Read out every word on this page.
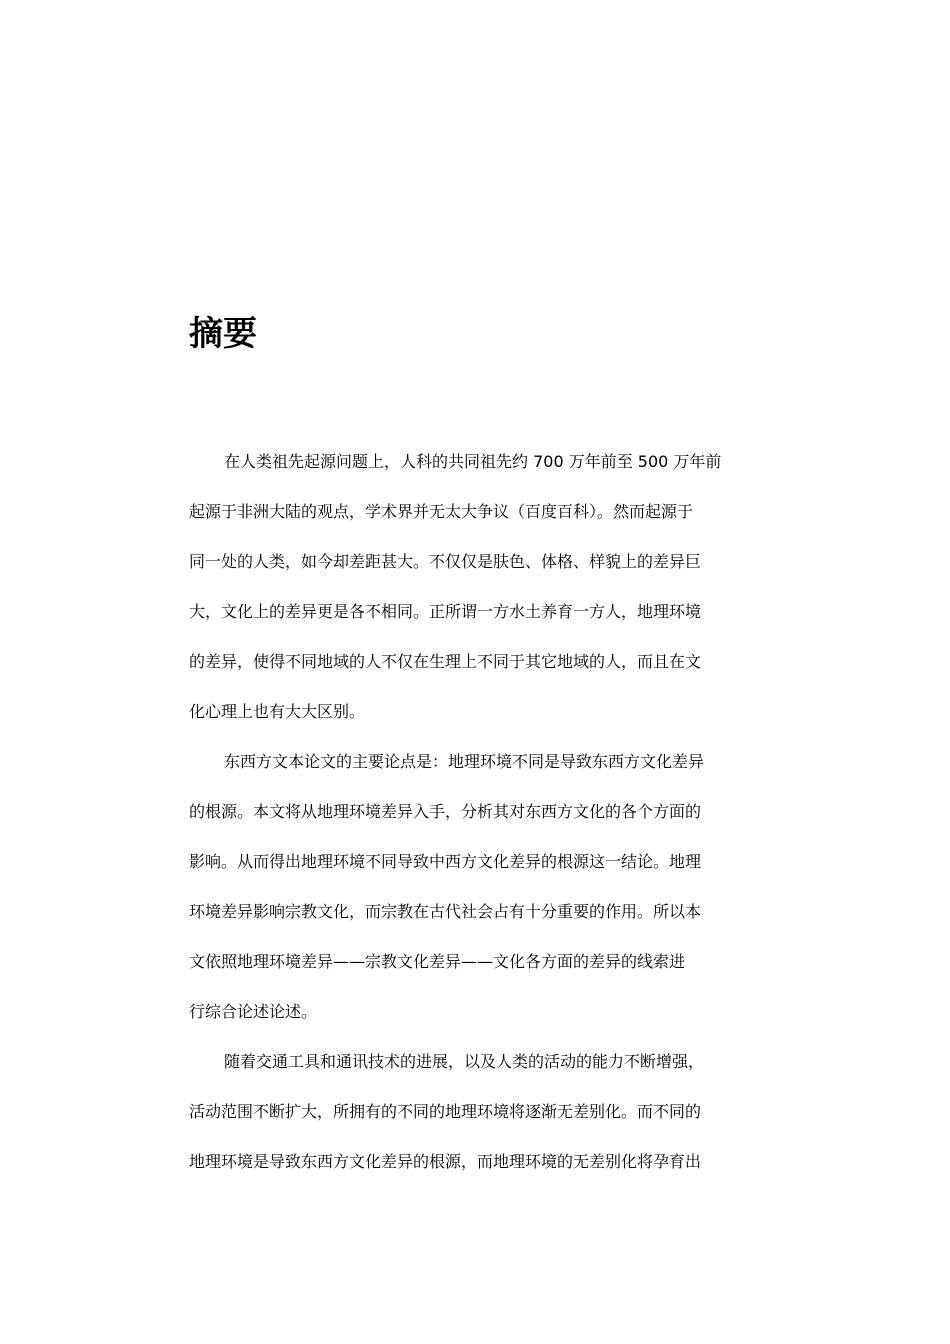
摘要
在人类祖先起源问题上，人科的共同祖先约 700 万年前至 500 万年前
起源于非洲大陆的观点，学术界并无太大争议（百度百科）。然而起源于
同一处的人类，如今却差距甚大。不仅仅是肤色、体格、样貌上的差异巨
大，文化上的差异更是各不相同。正所谓一方水土养育一方人，地理环境
的差异，使得不同地域的人不仅在生理上不同于其它地域的人，而且在文
化心理上也有大大区别。
东西方文本论文的主要论点是：地理环境不同是导致东西方文化差异
的根源。本文将从地理环境差异入手，分析其对东西方文化的各个方面的
影响。从而得出地理环境不同导致中西方文化差异的根源这一结论。地理
环境差异影响宗教文化，而宗教在古代社会占有十分重要的作用。所以本
文依照地理环境差异——宗教文化差异——文化各方面的差异的线索进
行综合论述论述。
随着交通工具和通讯技术的进展，以及人类的活动的能力不断增强，
活动范围不断扩大，所拥有的不同的地理环境将逐渐无差别化。而不同的
地理环境是导致东西方文化差异的根源，而地理环境的无差别化将孕育出
